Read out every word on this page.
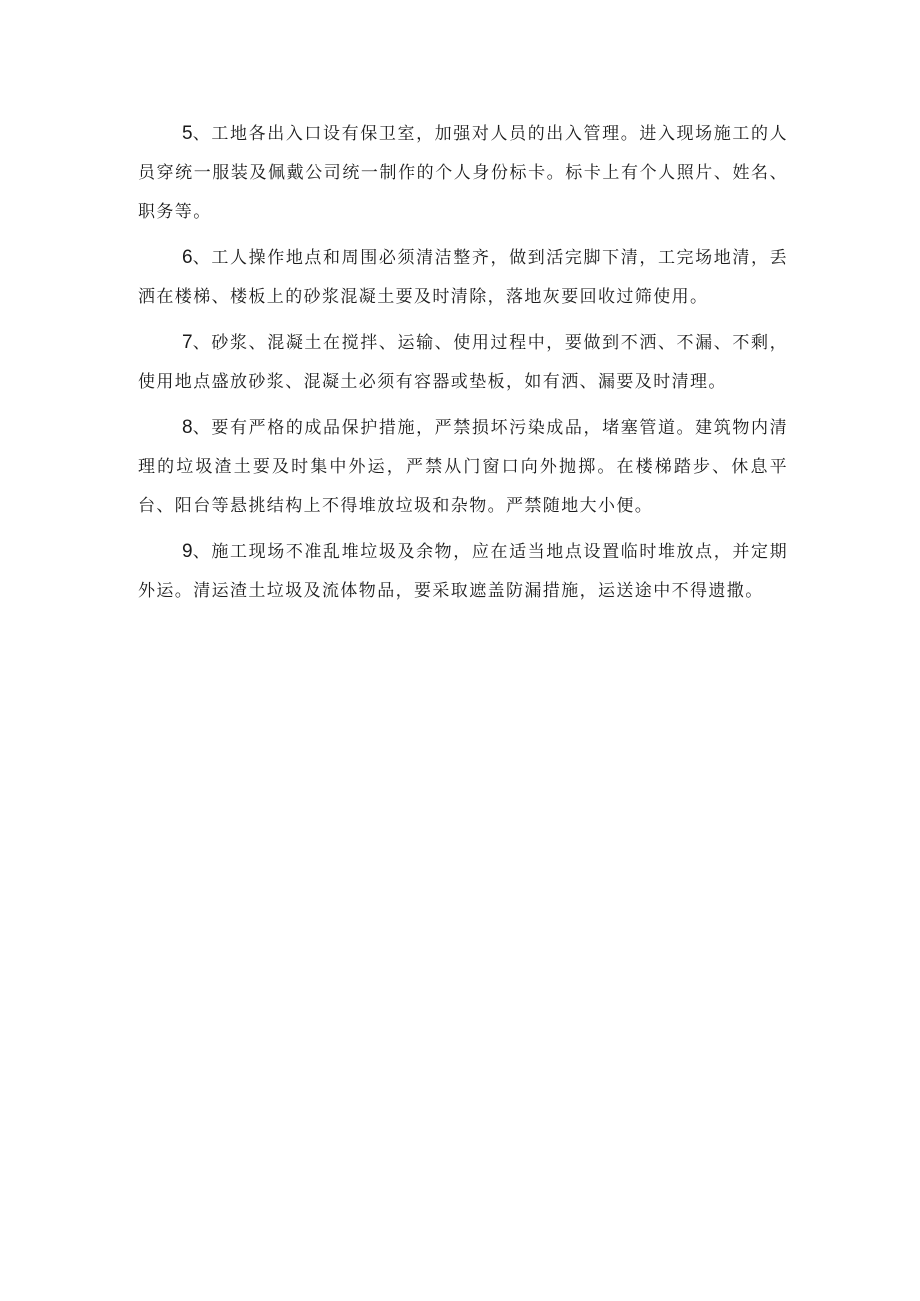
5、工地各出入口设有保卫室，加强对人员的出入管理。进入现场施工的人员穿统一服装及佩戴公司统一制作的个人身份标卡。标卡上有个人照片、姓名、职务等。

6、工人操作地点和周围必须清洁整齐，做到活完脚下清，工完场地清，丢洒在楼梯、楼板上的砂浆混凝土要及时清除，落地灰要回收过筛使用。

7、砂浆、混凝土在搅拌、运输、使用过程中，要做到不洒、不漏、不剩，使用地点盛放砂浆、混凝土必须有容器或垫板，如有洒、漏要及时清理。

8、要有严格的成品保护措施，严禁损坏污染成品，堵塞管道。建筑物内清理的垃圾渣土要及时集中外运，严禁从门窗口向外抛掷。在楼梯踏步、休息平台、阳台等悬挑结构上不得堆放垃圾和杂物。严禁随地大小便。

9、施工现场不准乱堆垃圾及余物，应在适当地点设置临时堆放点，并定期外运。清运渣土垃圾及流体物品，要采取遮盖防漏措施，运送途中不得遗撒。
